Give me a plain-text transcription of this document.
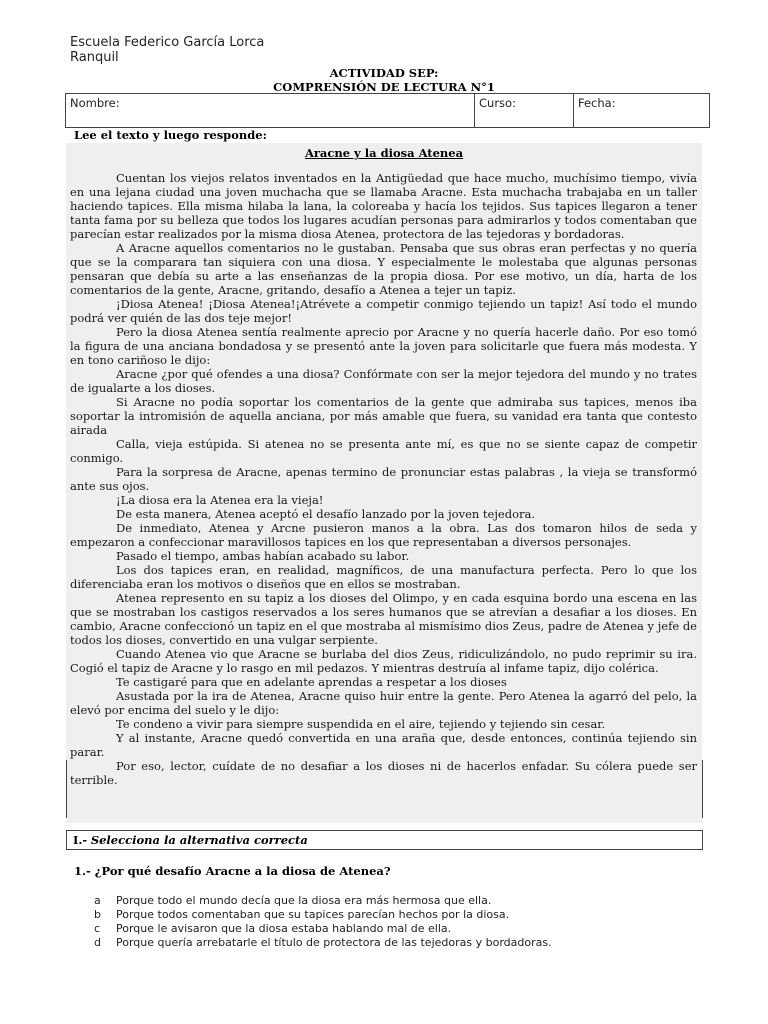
Escuela Federico García Lorca
Ranquil
ACTIVIDAD SEP:
COMPRENSIÓN DE LECTURA N°1
Nombre:	Curso:	Fecha:
Lee el texto y luego responde:
Aracne y la diosa Atenea

Cuentan los viejos relatos inventados en la Antigüedad que hace mucho, muchísimo tiempo, vivía en una lejana ciudad una joven muchacha que se llamaba Aracne. Esta muchacha trabajaba en un taller haciendo tapices. Ella misma hilaba la lana, la coloreaba y hacía los tejidos. Sus tapices llegaron a tener tanta fama por su belleza que todos los lugares acudían personas para admirarlos y todos comentaban que parecían estar realizados por la misma diosa Atenea, protectora de las tejedoras y bordadoras.

A Aracne aquellos comentarios no le gustaban. Pensaba que sus obras eran perfectas y no quería que se la comparara tan siquiera con una diosa. Y especialmente le molestaba que algunas personas pensaran que debía su arte a las enseñanzas de la propia diosa. Por ese motivo, un día, harta de los comentarios de la gente, Aracne, gritando, desafío a Atenea a tejer un tapiz.

¡Diosa Atenea! ¡Diosa Atenea!¡Atrévete a competir conmigo tejiendo un tapiz! Así todo el mundo podrá ver quién de las dos teje mejor!

Pero la diosa Atenea sentía realmente aprecio por Aracne y no quería hacerle daño. Por eso tomó la figura de una anciana bondadosa y se presentó ante la joven para solicitarle que fuera más modesta. Y en tono cariñoso le dijo:

Aracne ¿por qué ofendes a una diosa? Confórmate con ser la mejor tejedora del mundo y no trates de igualarte a los dioses.

Si Aracne no podía soportar los comentarios de la gente que admiraba sus tapices, menos iba soportar la intromisión de aquella anciana, por más amable que fuera, su vanidad era tanta que contesto airada

Calla, vieja estúpida. Si atenea no se presenta ante mí, es que no se siente capaz de competir conmigo.

Para la sorpresa de Aracne, apenas termino de pronunciar estas palabras , la vieja se transformó ante sus ojos.

¡La diosa era la Atenea era la vieja!

De esta manera, Atenea aceptó el desafío lanzado por la joven tejedora.

De inmediato, Atenea y Arcne pusieron manos a la obra. Las dos tomaron hilos de seda y empezaron a confeccionar maravillosos tapices en los que representaban a diversos personajes.

Pasado el tiempo, ambas habían acabado su labor.

Los dos tapices eran, en realidad, magníficos, de una manufactura perfecta. Pero lo que los diferenciaba eran los motivos o diseños que en ellos se mostraban.

Atenea represento en su tapiz a los dioses del Olimpo, y en cada esquina bordo una escena en las que se mostraban los castigos reservados a los seres humanos que se atrevían a desafiar a los dioses. En cambio, Aracne confeccionó un tapiz en el que mostraba al mismísimo dios Zeus, padre de Atenea y jefe de todos los dioses, convertido en una vulgar serpiente.

Cuando Atenea vio que Aracne se burlaba del dios Zeus, ridiculizándolo, no pudo reprimir su ira. Cogió el tapiz de Aracne y lo rasgo en mil pedazos. Y mientras destruía al infame tapiz, dijo colérica.

Te castigaré para que en adelante aprendas a respetar a los dioses

Asustada por la ira de Atenea, Aracne quiso huir entre la gente. Pero Atenea la agarró del pelo, la elevó por encima del suelo y le dijo:

Te condeno a vivir para siempre suspendida en el aire, tejiendo y tejiendo sin cesar.

Y al instante, Aracne quedó convertida en una araña que, desde entonces, continúa tejiendo sin parar.

Por eso, lector, cuídate de no desafiar a los dioses ni de hacerlos enfadar. Su cólera puede ser terrible.

I.- Selecciona la alternativa correcta
1.- ¿Por qué desafío Aracne a la diosa de Atenea?
a Porque todo el mundo decía que la diosa era más hermosa que ella.
b Porque todos comentaban que su tapices parecían hechos por la diosa.
c Porque le avisaron que la diosa estaba hablando mal de ella.
d Porque quería arrebatarle el título de protectora de las tejedoras y bordadoras.
